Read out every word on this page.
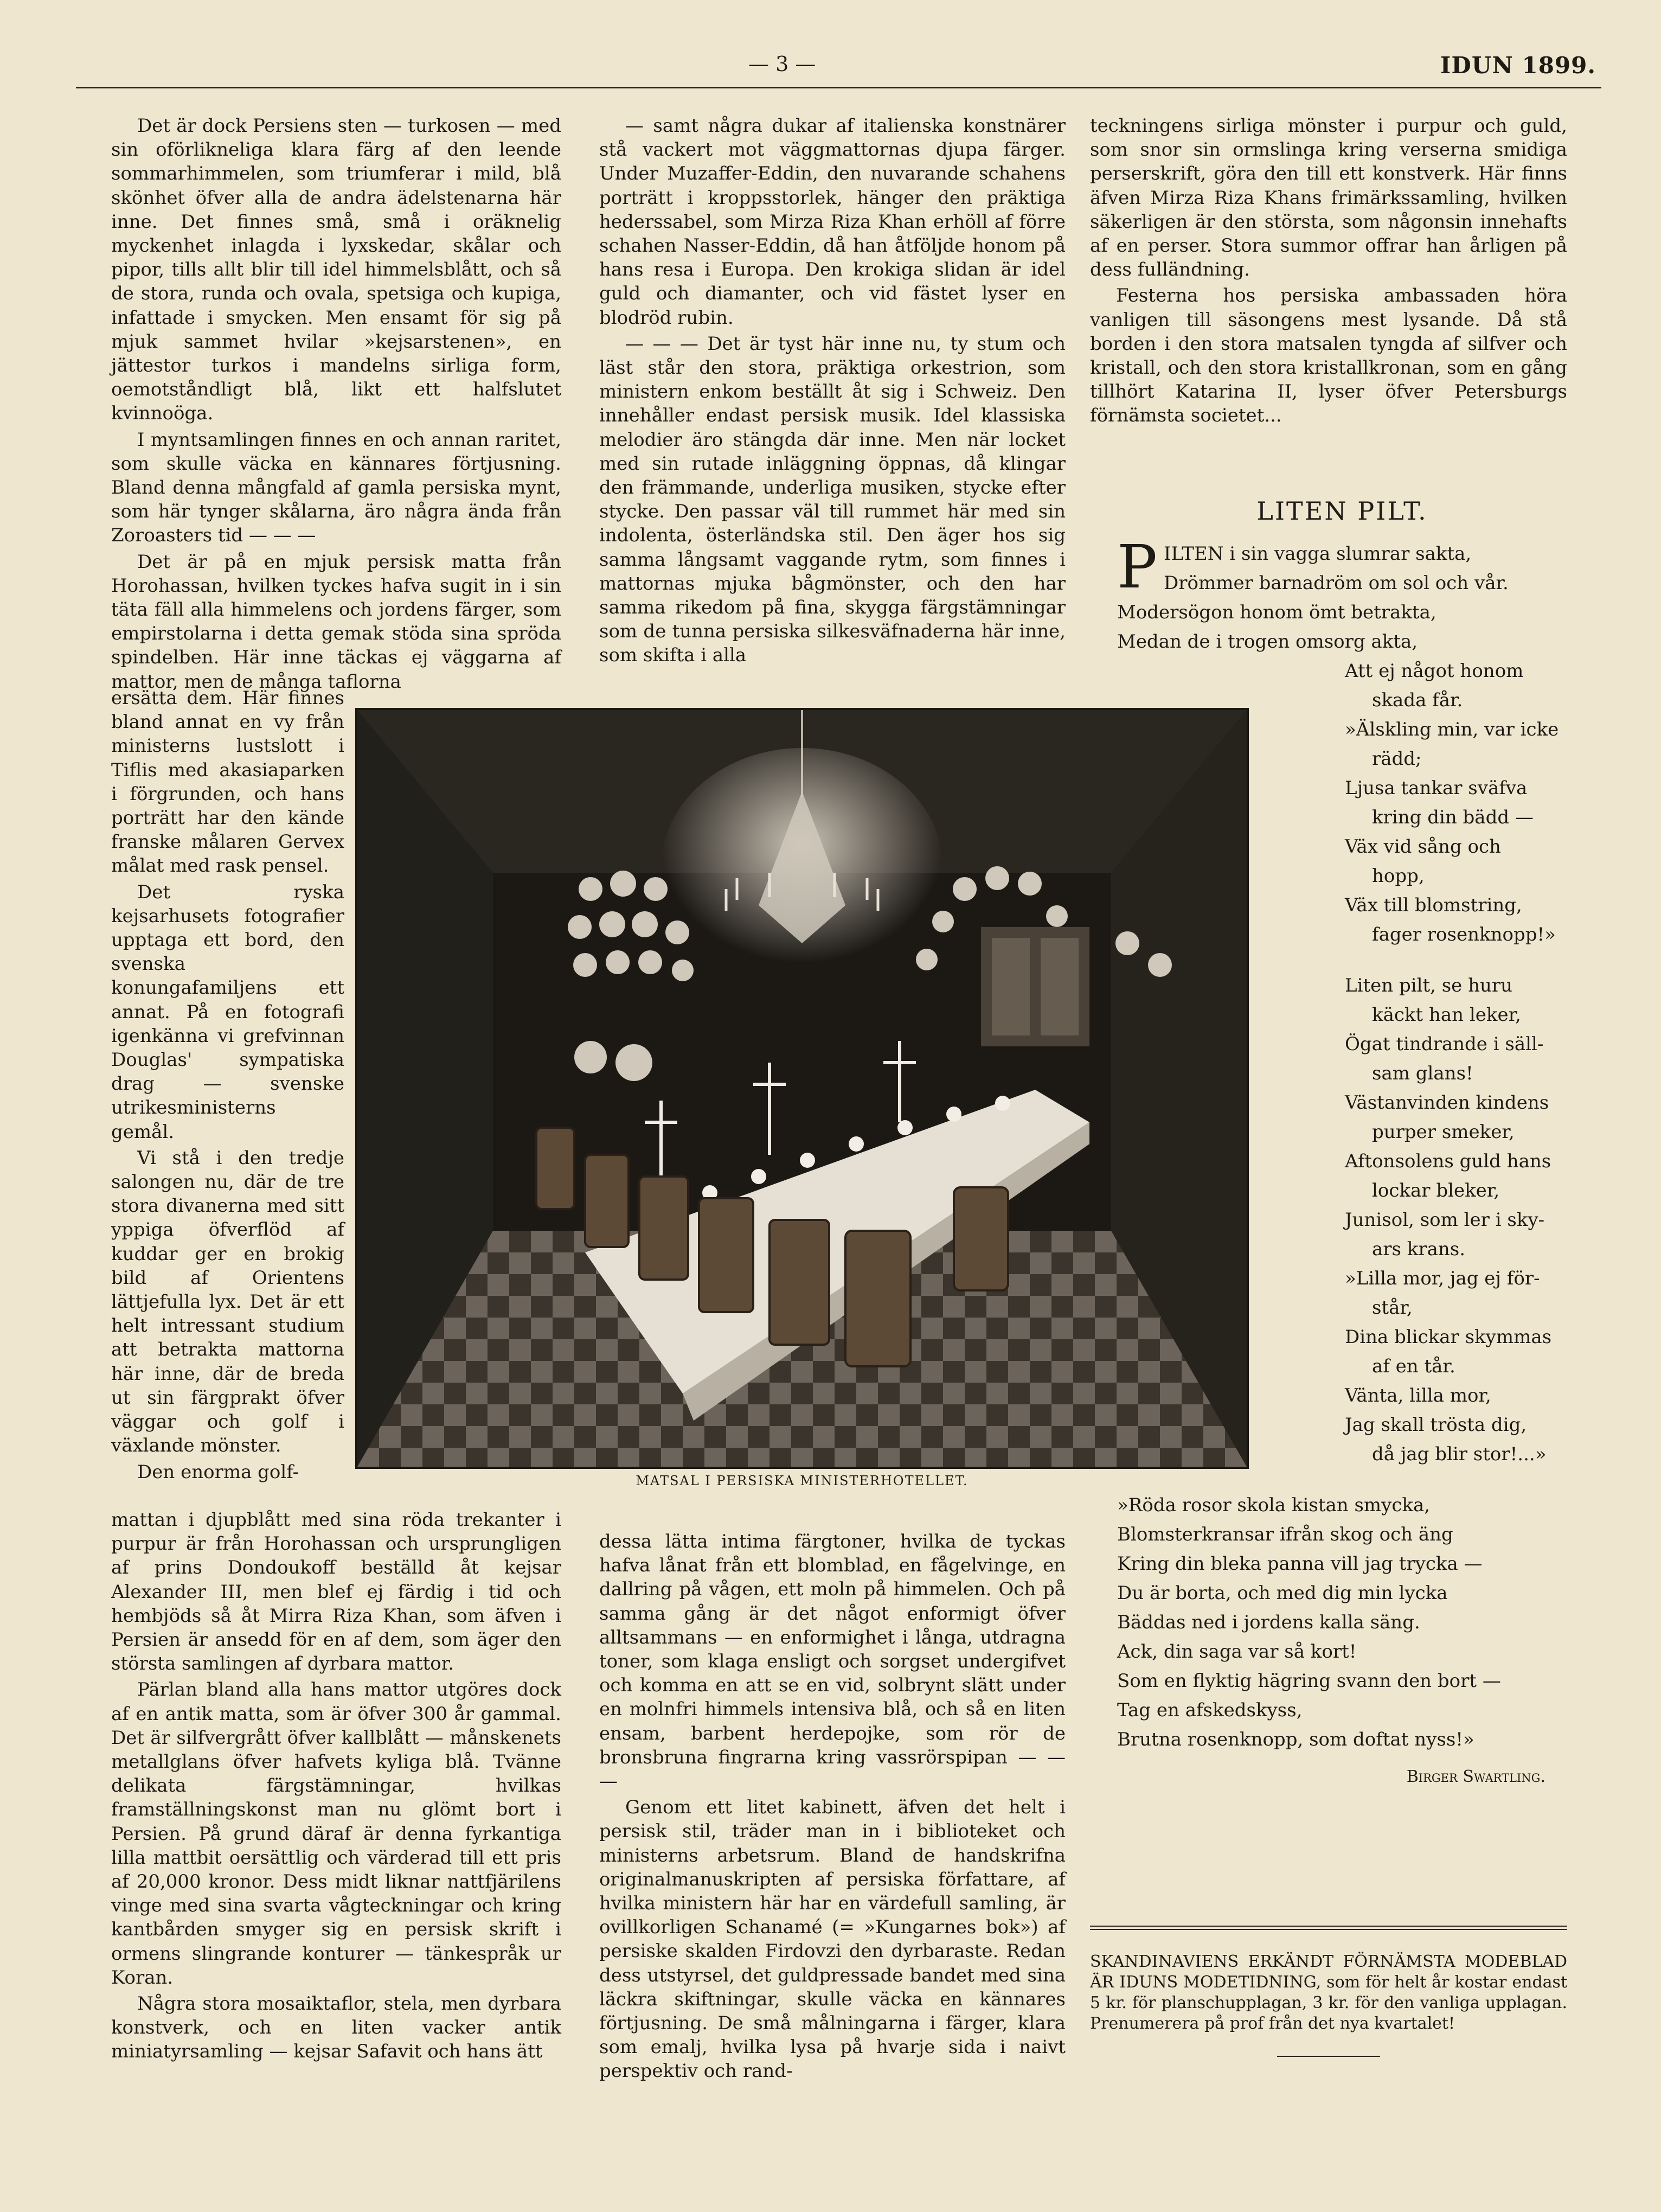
— 3 —	IDUN 1899.

Det är dock Persiens sten — turkosen — med sin oförlikneliga klara färg af den leende sommarhimmelen, som triumferar i mild, blå skönhet öfver alla de andra ädelstenarna här inne. Det finnes små, små i oräknelig myckenhet inlagda i lyxskedar, skålar och pipor, tills allt blir till idel himmelsblått, och så de stora, runda och ovala, spetsiga och kupiga, infattade i smycken. Men ensamt för sig på mjuk sammet hvilar »kejsarstenen», en jättestor turkos i mandelns sirliga form, oemotståndligt blå, likt ett halfslutet kvinnoöga.

I myntsamlingen finnes en och annan raritet, som skulle väcka en kännares förtjusning. Bland denna mångfald af gamla persiska mynt, som här tynger skålarna, äro några ända från Zoroasters tid — — —

Det är på en mjuk persisk matta från Horohassan, hvilken tyckes hafva sugit in i sin täta fäll alla himmelens och jordens färger, som empirstolarna i detta gemak stöda sina spröda spindelben. Här inne täckas ej väggarna af mattor, men de många taflorna

ersätta dem. Här finnes bland annat en vy från ministerns lustslott i Tiflis med akasiaparken i förgrunden, och hans porträtt har den kände franske målaren Gervex målat med rask pensel.

Det ryska kejsarhusets fotografier upptaga ett bord, den svenska konungafamiljens ett annat. På en fotografi igenkänna vi grefvinnan Douglas' sympatiska drag — svenske utrikesministerns gemål.

Vi stå i den tredje salongen nu, där de tre stora divanerna med sitt yppiga öfverflöd af kuddar ger en brokig bild af Orientens lättjefulla lyx. Det är ett helt intressant studium att betrakta mattorna här inne, där de breda ut sin färgprakt öfver väggar och golf i växlande mönster.

Den enorma golf-

mattan i djupblått med sina röda trekanter i purpur är från Horohassan och ursprungligen af prins Dondoukoff beställd åt kejsar Alexander III, men blef ej färdig i tid och hembjöds så åt Mirra Riza Khan, som äfven i Persien är ansedd för en af dem, som äger den största samlingen af dyrbara mattor.

Pärlan bland alla hans mattor utgöres dock af en antik matta, som är öfver 300 år gammal. Det är silfvergrått öfver kallblått — månskenets metallglans öfver hafvets kyliga blå. Tvänne delikata färgstämningar, hvilkas framställningskonst man nu glömt bort i Persien. På grund däraf är denna fyrkantiga lilla mattbit oersättlig och värderad till ett pris af 20,000 kronor. Dess midt liknar nattfjärilens vinge med sina svarta vågteckningar och kring kantbården smyger sig en persisk skrift i ormens slingrande konturer — tänkespråk ur Koran.

Några stora mosaiktaflor, stela, men dyrbara konstverk, och en liten vacker antik miniatyrsamling — kejsar Safavit och hans ätt

— samt några dukar af italienska konstnärer stå vackert mot väggmattornas djupa färger. Under Muzaffer-Eddin, den nuvarande schahens porträtt i kroppsstorlek, hänger den präktiga hederssabel, som Mirza Riza Khan erhöll af förre schahen Nasser-Eddin, då han åtföljde honom på hans resa i Europa. Den krokiga slidan är idel guld och diamanter, och vid fästet lyser en blodröd rubin.

— — — Det är tyst här inne nu, ty stum och läst står den stora, präktiga orkestrion, som ministern enkom beställt åt sig i Schweiz. Den innehåller endast persisk musik. Idel klassiska melodier äro stängda där inne. Men när locket med sin rutade inläggning öppnas, då klingar den främmande, underliga musiken, stycke efter stycke. Den passar väl till rummet här med sin indolenta, österländska stil. Den äger hos sig samma långsamt vaggande rytm, som finnes i mattornas mjuka bågmönster, och den har samma rikedom på fina, skygga färgstämningar som de tunna persiska silkesväfnaderna här inne, som skifta i alla

dessa lätta intima färgtoner, hvilka de tyckas hafva lånat från ett blomblad, en fågelvinge, en dallring på vågen, ett moln på himmelen. Och på samma gång är det något enformigt öfver alltsammans — en enformighet i långa, utdragna toner, som klaga ensligt och sorgset undergifvet och komma en att se en vid, solbrynt slätt under en molnfri himmels intensiva blå, och så en liten ensam, barbent herdepojke, som rör de bronsbruna fingrarna kring vassrörspipan — — —

Genom ett litet kabinett, äfven det helt i persisk stil, träder man in i biblioteket och ministerns arbetsrum. Bland de handskrifna originalmanuskripten af persiska författare, af hvilka ministern här har en värdefull samling, är ovillkorligen Schanamé (= »Kungarnes bok») af persiske skalden Firdovzi den dyrbaraste. Redan dess utstyrsel, det guldpressade bandet med sina läckra skiftningar, skulle väcka en kännares förtjusning. De små målningarna i färger, klara som emalj, hvilka lysa på hvarje sida i naivt perspektiv och rand-

MATSAL I PERSISKA MINISTERHOTELLET.

teckningens sirliga mönster i purpur och guld, som snor sin ormslinga kring verserna smidiga perserskrift, göra den till ett konstverk. Här finns äfven Mirza Riza Khans frimärkssamling, hvilken säkerligen är den största, som någonsin innehafts af en perser. Stora summor offrar han årligen på dess fulländning.

Festerna hos persiska ambassaden höra vanligen till säsongens mest lysande. Då stå borden i den stora matsalen tyngda af silfver och kristall, och den stora kristallkronan, som en gång tillhört Katarina II, lyser öfver Petersburgs förnämsta societet...

LITEN PILT.
P ILTEN i sin vagga slumrar sakta,
Drömmer barnadröm om sol och vår.
Modersögon honom ömt betrakta,
Medan de i trogen omsorg akta,
Att ej något honom
skada får.
»Älskling min, var icke
rädd;
Ljusa tankar sväfva
kring din bädd —
Väx vid sång och
hopp,
Väx till blomstring,
fager rosenknopp!»
Liten pilt, se huru
käckt han leker,
Ögat tindrande i säll-
sam glans!
Västanvinden kindens
purper smeker,
Aftonsolens guld hans
lockar bleker,
Junisol, som ler i sky-
ars krans.
»Lilla mor, jag ej för-
står,
Dina blickar skymmas
af en tår.
Vänta, lilla mor,
Jag skall trösta dig,
då jag blir stor!...»
»Röda rosor skola kistan smycka,
Blomsterkransar ifrån skog och äng
Kring din bleka panna vill jag trycka —
Du är borta, och med dig min lycka
Bäddas ned i jordens kalla säng.
Ack, din saga var så kort!
Som en flyktig hägring svann den bort —
Tag en afskedskyss,
Brutna rosenknopp, som doftat nyss!»
Birger Swartling.
SKANDINAVIENS ERKÄNDT FÖRNÄMSTA MODEBLAD ÄR IDUNS MODETIDNING, som för helt år kostar endast 5 kr. för planschupplagan, 3 kr. för den vanliga upplagan. Prenumerera på prof från det nya kvartalet!
